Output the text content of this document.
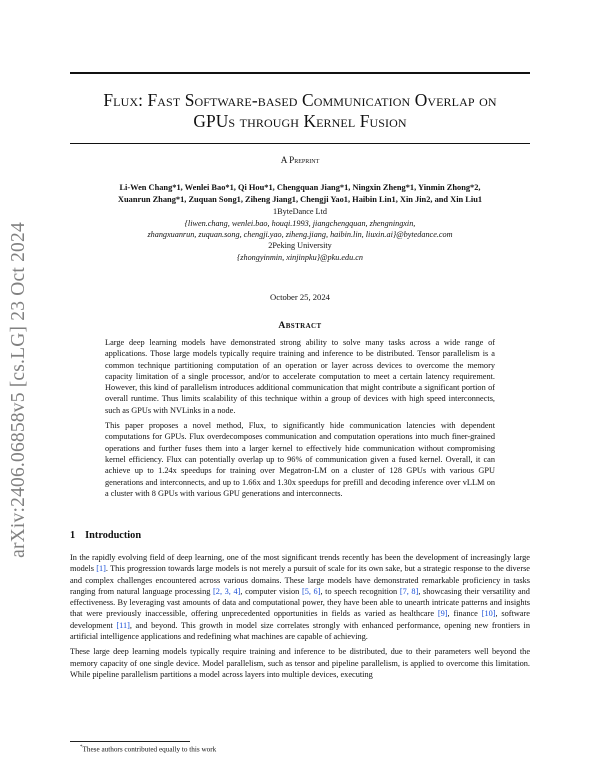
arXiv:2406.06858v5 [cs.LG] 23 Oct 2024
Flux: Fast Software-based Communication Overlap on
GPUs through Kernel Fusion
A Preprint
Li-Wen Chang*1, Wenlei Bao*1, Qi Hou*1, Chengquan Jiang*1, Ningxin Zheng*1, Yinmin Zhong*2,
Xuanrun Zhang*1, Zuquan Song1, Ziheng Jiang1, Chengji Yao1, Haibin Lin1, Xin Jin2, and Xin Liu1
1ByteDance Ltd
{liwen.chang, wenlei.bao, houqi.1993, jiangchengquan, zhengningxin,
zhangxuanrun, zuquan.song, chengji.yao, ziheng.jiang, haibin.lin, liuxin.ai}@bytedance.com
2Peking University
{zhongyinmin, xinjinpku}@pku.edu.cn
October 25, 2024
Abstract

Large deep learning models have demonstrated strong ability to solve many tasks across a wide range of applications. Those large models typically require training and inference to be distributed. Tensor parallelism is a common technique partitioning computation of an operation or layer across devices to overcome the memory capacity limitation of a single processor, and/or to accelerate computation to meet a certain latency requirement. However, this kind of parallelism introduces additional communication that might contribute a significant portion of overall runtime. Thus limits scalability of this technique within a group of devices with high speed interconnects, such as GPUs with NVLinks in a node.

This paper proposes a novel method, Flux, to significantly hide communication latencies with dependent computations for GPUs. Flux overdecomposes communication and computation operations into much finer-grained operations and further fuses them into a larger kernel to effectively hide communication without compromising kernel efficiency. Flux can potentially overlap up to 96% of communication given a fused kernel. Overall, it can achieve up to 1.24x speedups for training over Megatron-LM on a cluster of 128 GPUs with various GPU generations and interconnects, and up to 1.66x and 1.30x speedups for prefill and decoding inference over vLLM on a cluster with 8 GPUs with various GPU generations and interconnects.

1 Introduction

In the rapidly evolving field of deep learning, one of the most significant trends recently has been the development of increasingly large models [1]. This progression towards large models is not merely a pursuit of scale for its own sake, but a strategic response to the diverse and complex challenges encountered across various domains. These large models have demonstrated remarkable proficiency in tasks ranging from natural language processing [2, 3, 4], computer vision [5, 6], to speech recognition [7, 8], showcasing their versatility and effectiveness. By leveraging vast amounts of data and computational power, they have been able to unearth intricate patterns and insights that were previously inaccessible, offering unprecedented opportunities in fields as varied as healthcare [9], finance [10], software development [11], and beyond. This growth in model size correlates strongly with enhanced performance, opening new frontiers in artificial intelligence applications and redefining what machines are capable of achieving.

These large deep learning models typically require training and inference to be distributed, due to their parameters well beyond the memory capacity of one single device. Model parallelism, such as tensor and pipeline parallelism, is applied to overcome this limitation. While pipeline parallelism partitions a model across layers into multiple devices, executing

*These authors contributed equally to this work
